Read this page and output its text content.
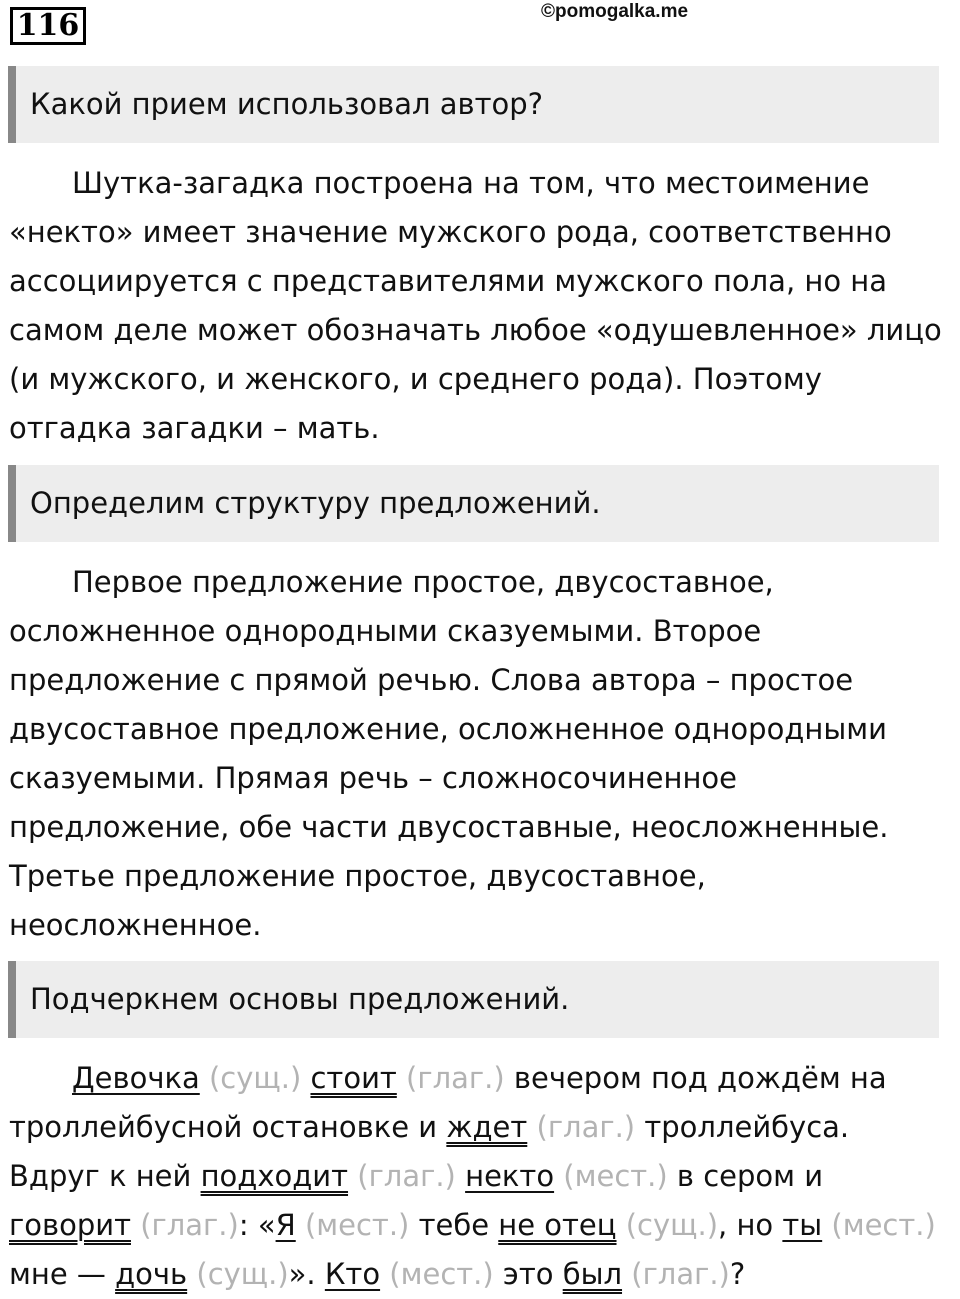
116	©pomogalka.me
Какой прием использовал автор?

Шутка-загадка построена на том, что местоимение «некто» имеет значение мужского рода, соответственно ассоциируется с представителями мужского пола, но на самом деле может обозначать любое «одушевленное» лицо (и мужского, и женского, и среднего рода). Поэтому отгадка загадки – мать.

Определим структуру предложений.

Первое предложение простое, двусоставное, осложненное однородными сказуемыми. Второе предложение с прямой речью. Слова автора – простое двусоставное предложение, осложненное однородными сказуемыми. Прямая речь – сложносочиненное предложение, обе части двусоставные, неосложненные. Третье предложение простое, двусоставное, неосложненное.

Подчеркнем основы предложений.

Девочка (сущ.) стоит (глаг.) вечером под дождём на троллейбусной остановке и ждет (глаг.) троллейбуса. Вдруг к ней подходит (глаг.) некто (мест.) в сером и говорит (глаг.): «Я (мест.) тебе не отец (сущ.), но ты (мест.) мне — дочь (сущ.)». Кто (мест.) это был (глаг.)?
